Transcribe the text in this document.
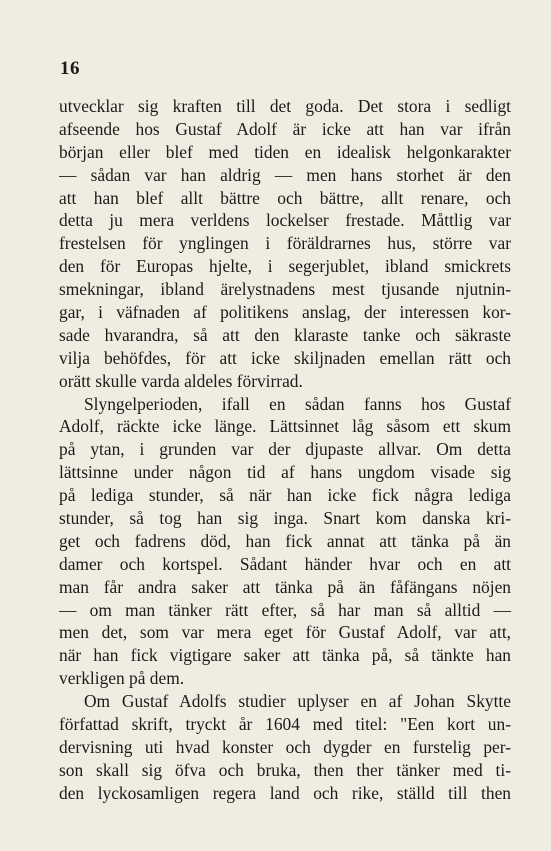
16
utvecklar sig kraften till det goda. Det stora i sedligt
afseende hos Gustaf Adolf är icke att han var ifrån
början eller blef med tiden en idealisk helgonkarakter
— sådan var han aldrig — men hans storhet är den
att han blef allt bättre och bättre, allt renare, och
detta ju mera verldens lockelser frestade. Måttlig var
frestelsen för ynglingen i föräldrarnes hus, större var
den för Europas hjelte, i segerjublet, ibland smickrets
smekningar, ibland ärelystnadens mest tjusande njutnin-
gar, i väfnaden af politikens anslag, der interessen kor-
sade hvarandra, så att den klaraste tanke och säkraste
vilja behöfdes, för att icke skiljnaden emellan rätt och
orätt skulle varda aldeles förvirrad.
Slyngelperioden, ifall en sådan fanns hos Gustaf
Adolf, räckte icke länge. Lättsinnet låg såsom ett skum
på ytan, i grunden var der djupaste allvar. Om detta
lättsinne under någon tid af hans ungdom visade sig
på lediga stunder, så när han icke fick några lediga
stunder, så tog han sig inga. Snart kom danska kri-
get och fadrens död, han fick annat att tänka på än
damer och kortspel. Sådant händer hvar och en att
man får andra saker att tänka på än fåfängans nöjen
— om man tänker rätt efter, så har man så alltid —
men det, som var mera eget för Gustaf Adolf, var att,
när han fick vigtigare saker att tänka på, så tänkte han
verkligen på dem.
Om Gustaf Adolfs studier uplyser en af Johan Skytte
författad skrift, tryckt år 1604 med titel: "Een kort un-
dervisning uti hvad konster och dygder en furstelig per-
son skall sig öfva och bruka, then ther tänker med ti-
den lyckosamligen regera land och rike, ställd till then
